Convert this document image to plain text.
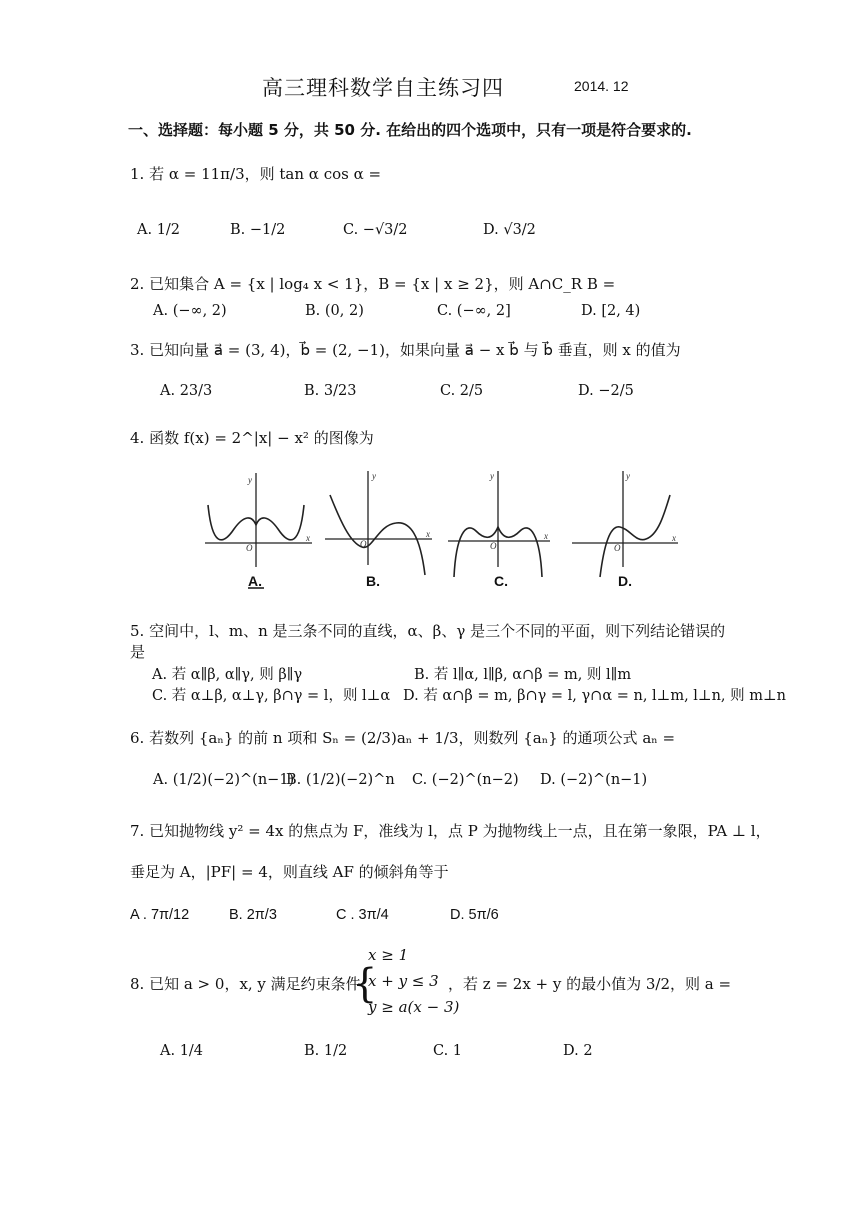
高三理科数学自主练习四	2014. 12
一、选择题：每小题 5 分，共 50 分. 在给出的四个选项中，只有一项是符合要求的.
1. 若 α = 11π/3，则 tan α cos α =
A. 1/2	B. −1/2	C. −√3/2	D. √3/2
2. 已知集合 A = {x | log₄ x < 1}，B = {x | x ≥ 2}，则 A∩C_R B =
A. (−∞, 2)	B. (0, 2)	C. (−∞, 2]	D. [2, 4)
3. 已知向量 a⃗ = (3, 4)，b⃗ = (2, −1)，如果向量 a⃗ − x b⃗ 与 b⃗ 垂直，则 x 的值为
A. 23/3	B. 3/23	C. 2/5	D. −2/5
4. 函数 f(x) = 2^|x| − x² 的图像为
y
x
O
y
x
O
y
x
O
y
x
O
A.	B.	C.	D.
5. 空间中，l、m、n 是三条不同的直线，α、β、γ 是三个不同的平面，则下列结论错误的
是
A. 若 α∥β, α∥γ, 则 β∥γ	B. 若 l∥α, l∥β, α∩β = m, 则 l∥m
C. 若 α⊥β, α⊥γ, β∩γ = l，则 l⊥α D. 若 α∩β = m, β∩γ = l, γ∩α = n, l⊥m, l⊥n, 则 m⊥n
6. 若数列 {aₙ} 的前 n 项和 Sₙ = (2/3)aₙ + 1/3，则数列 {aₙ} 的通项公式 aₙ =
A. (1/2)(−2)^(n−1)
B. (1/2)(−2)^n C. (−2)^(n−2) D. (−2)^(n−1)
7. 已知抛物线 y² = 4x 的焦点为 F，准线为 l，点 P 为抛物线上一点，且在第一象限，PA ⊥ l，
垂足为 A，|PF| = 4，则直线 AF 的倾斜角等于
A . 7π/12	B. 2π/3	C . 3π/4	D. 5π/6
8. 已知 a > 0，x, y 满足约束条件
{
x ≥ 1
x + y ≤ 3
y ≥ a(x − 3)
，若 z = 2x + y 的最小值为 3/2，则 a =
A. 1/4	B. 1/2	C. 1	D. 2
